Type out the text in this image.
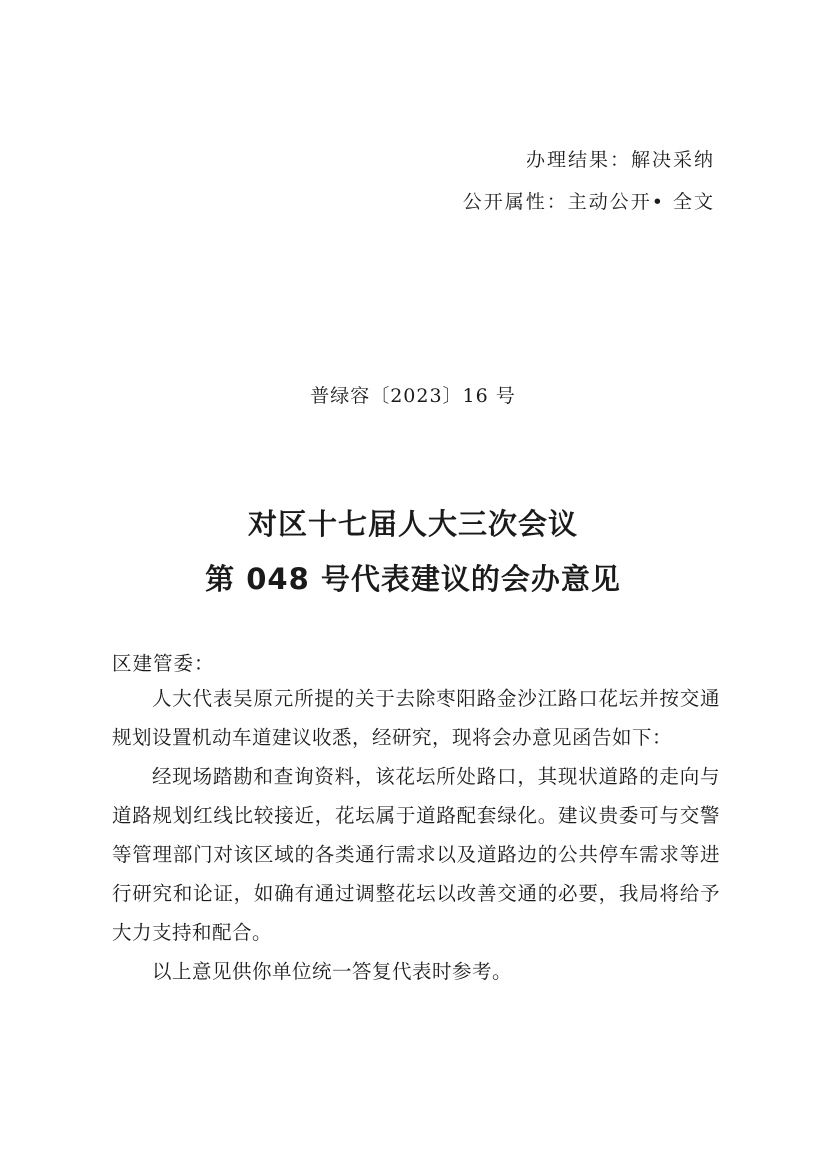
办理结果：解决采纳
公开属性：主动公开• 全文
普绿容〔2023〕16 号
对区十七届人大三次会议
第 048 号代表建议的会办意见
区建管委：

人大代表吴原元所提的关于去除枣阳路金沙江路口花坛并按交通规划设置机动车道建议收悉，经研究，现将会办意见函告如下：

经现场踏勘和查询资料，该花坛所处路口，其现状道路的走向与道路规划红线比较接近，花坛属于道路配套绿化。建议贵委可与交警等管理部门对该区域的各类通行需求以及道路边的公共停车需求等进行研究和论证，如确有通过调整花坛以改善交通的必要，我局将给予大力支持和配合。

以上意见供你单位统一答复代表时参考。
